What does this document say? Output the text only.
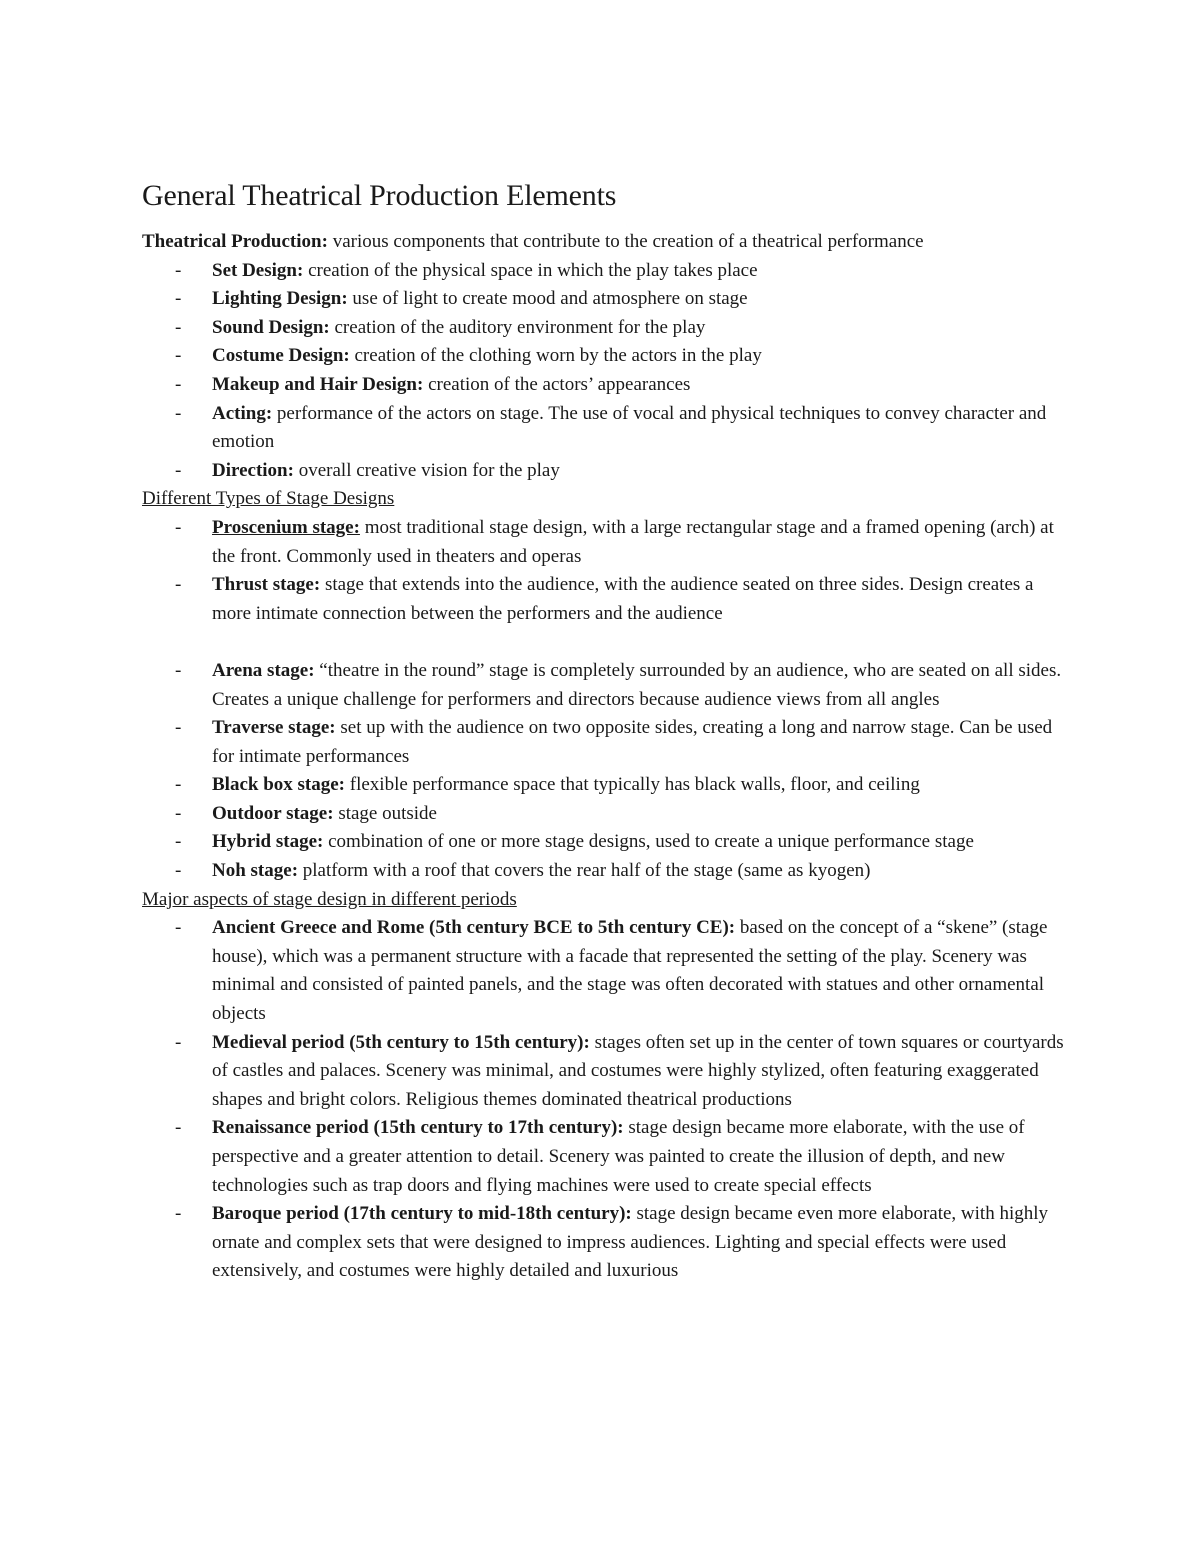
General Theatrical Production Elements

Theatrical Production: various components that contribute to the creation of a theatrical performance

- Set Design: creation of the physical space in which the play takes place
- Lighting Design: use of light to create mood and atmosphere on stage
- Sound Design: creation of the auditory environment for the play
- Costume Design: creation of the clothing worn by the actors in the play
- Makeup and Hair Design: creation of the actors’ appearances
- Acting: performance of the actors on stage. The use of vocal and physical techniques to convey character and emotion
- Direction: overall creative vision for the play

Different Types of Stage Designs

- Proscenium stage: most traditional stage design, with a large rectangular stage and a framed opening (arch) at the front. Commonly used in theaters and operas
- Thrust stage: stage that extends into the audience, with the audience seated on three sides. Design creates a more intimate connection between the performers and the audience
- Arena stage: “theatre in the round” stage is completely surrounded by an audience, who are seated on all sides. Creates a unique challenge for performers and directors because audience views from all angles
- Traverse stage: set up with the audience on two opposite sides, creating a long and narrow stage. Can be used for intimate performances
- Black box stage: flexible performance space that typically has black walls, floor, and ceiling
- Outdoor stage: stage outside
- Hybrid stage: combination of one or more stage designs, used to create a unique performance stage
- Noh stage: platform with a roof that covers the rear half of the stage (same as kyogen)

Major aspects of stage design in different periods

- Ancient Greece and Rome (5th century BCE to 5th century CE): based on the concept of a “skene” (stage house), which was a permanent structure with a facade that represented the setting of the play. Scenery was minimal and consisted of painted panels, and the stage was often decorated with statues and other ornamental objects
- Medieval period (5th century to 15th century): stages often set up in the center of town squares or courtyards of castles and palaces. Scenery was minimal, and costumes were highly stylized, often featuring exaggerated shapes and bright colors. Religious themes dominated theatrical productions
- Renaissance period (15th century to 17th century): stage design became more elaborate, with the use of perspective and a greater attention to detail. Scenery was painted to create the illusion of depth, and new technologies such as trap doors and flying machines were used to create special effects
- Baroque period (17th century to mid-18th century): stage design became even more elaborate, with highly ornate and complex sets that were designed to impress audiences. Lighting and special effects were used extensively, and costumes were highly detailed and luxurious
